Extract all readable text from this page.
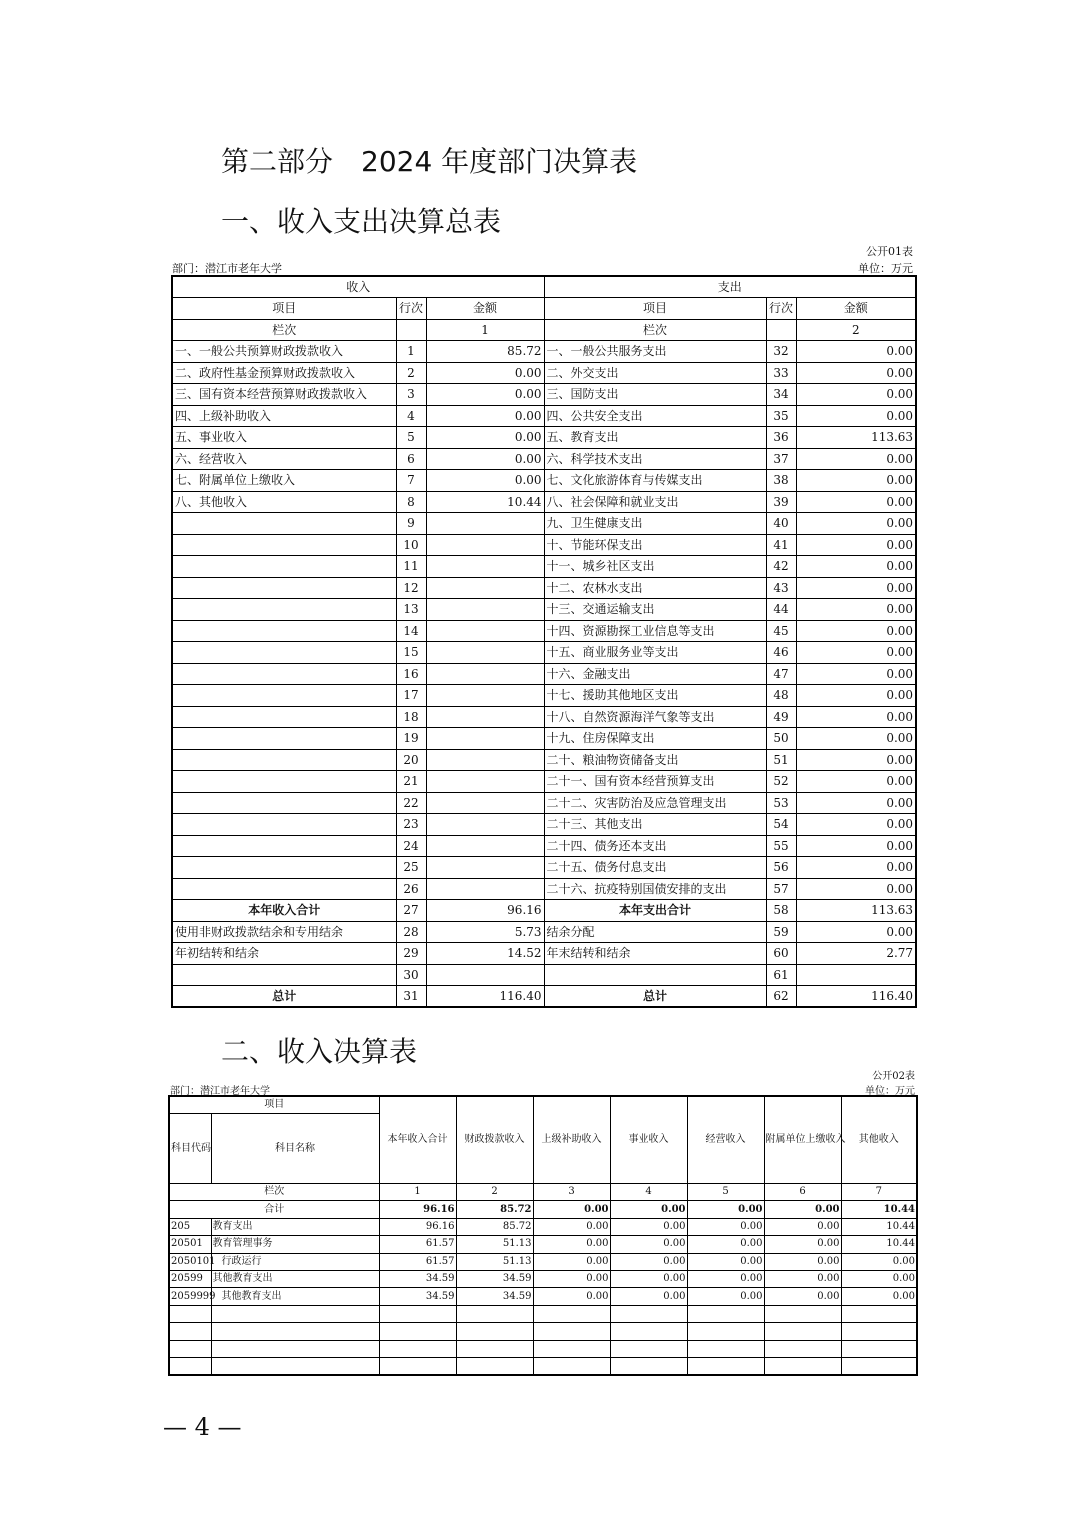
第二部分　2024 年度部门决算表
一、收入支出决算总表
公开01表
部门：潜江市老年大学	单位：万元
收入			支出		
项目	行次	金额	项目	行次	金额
栏次		1	栏次		2
一、一般公共预算财政拨款收入	1	85.72	一、一般公共服务支出	32	0.00
二、政府性基金预算财政拨款收入	2	0.00	二、外交支出	33	0.00
三、国有资本经营预算财政拨款收入	3	0.00	三、国防支出	34	0.00
四、上级补助收入	4	0.00	四、公共安全支出	35	0.00
五、事业收入	5	0.00	五、教育支出	36	113.63
六、经营收入	6	0.00	六、科学技术支出	37	0.00
七、附属单位上缴收入	7	0.00	七、文化旅游体育与传媒支出	38	0.00
八、其他收入	8	10.44	八、社会保障和就业支出	39	0.00
	9		九、卫生健康支出	40	0.00
	10		十、节能环保支出	41	0.00
	11		十一、城乡社区支出	42	0.00
	12		十二、农林水支出	43	0.00
	13		十三、交通运输支出	44	0.00
	14		十四、资源勘探工业信息等支出	45	0.00
	15		十五、商业服务业等支出	46	0.00
	16		十六、金融支出	47	0.00
	17		十七、援助其他地区支出	48	0.00
	18		十八、自然资源海洋气象等支出	49	0.00
	19		十九、住房保障支出	50	0.00
	20		二十、粮油物资储备支出	51	0.00
	21		二十一、国有资本经营预算支出	52	0.00
	22		二十二、灾害防治及应急管理支出	53	0.00
	23		二十三、其他支出	54	0.00
	24		二十四、债务还本支出	55	0.00
	25		二十五、债务付息支出	56	0.00
	26		二十六、抗疫特别国债安排的支出	57	0.00
本年收入合计	27	96.16	本年支出合计	58	113.63
使用非财政拨款结余和专用结余	28	5.73	结余分配	59	0.00
年初结转和结余	29	14.52	年末结转和结余	60	2.77
	30			61	
总计	31	116.40	总计	62	116.40
二、收入决算表
公开02表
部门：潜江市老年大学	单位：万元
项目		本年收入合计	财政拨款收入	上级补助收入	事业收入	经营收入	附属单位上缴收入	其他收入
科目代码	科目名称							
栏次		1	2	3	4	5	6	7
合计		96.16	85.72	0.00	0.00	0.00	0.00	10.44
205	教育支出	96.16	85.72	0.00	0.00	0.00	0.00	10.44
20501	教育管理事务	61.57	51.13	0.00	0.00	0.00	0.00	10.44
2050101	行政运行	61.57	51.13	0.00	0.00	0.00	0.00	0.00
20599	其他教育支出	34.59	34.59	0.00	0.00	0.00	0.00	0.00
2059999	其他教育支出	34.59	34.59	0.00	0.00	0.00	0.00	0.00

— 4 —
